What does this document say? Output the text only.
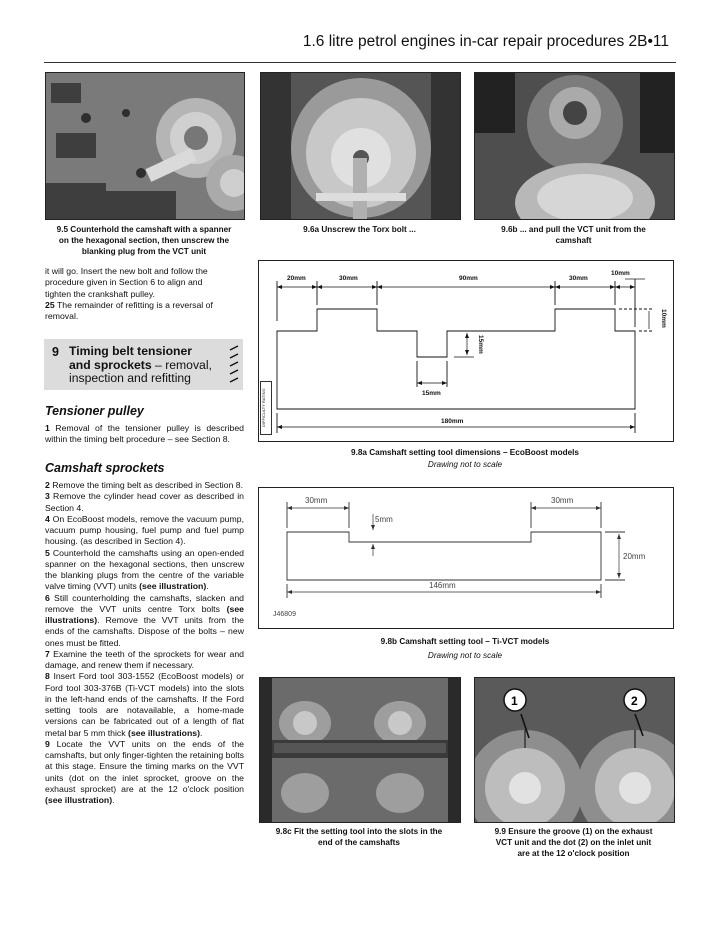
1.6 litre petrol engines in-car repair procedures 2B•11
9.5 Counterhold the camshaft with a spanner
on the hexagonal section, then unscrew the
blanking plug from the VCT unit
9.6a Unscrew the Torx bolt ...	9.6b ... and pull the VCT unit from the
camshaft

it will go. Insert the new bolt and follow the

procedure given in Section 6 to align and

tighten the crankshaft pulley.

25 The remainder of refitting is a reversal of removal.

9 Timing belt tensioner
and sprockets – removal,
inspection and refitting
Tensioner pulley

1 Removal of the tensioner pulley is described within the timing belt procedure – see Section 8.

Camshaft sprockets

2 Remove the timing belt as described in Section 8.

3 Remove the cylinder head cover as described in Section 4.

4 On EcoBoost models, remove the vacuum pump, vacuum pump housing, fuel pump and fuel pump housing. (as described in Section 4).

5 Counterhold the camshafts using an open-ended spanner on the hexagonal sections, then unscrew the blanking plugs from the centre of the variable valve timing (VVT) units (see illustration).

6 Still counterholding the camshafts, slacken and remove the VVT units centre Torx bolts (see illustrations). Remove the VVT units from the ends of the camshafts. Dispose of the bolts – new ones must be fitted.

7 Examine the teeth of the sprockets for wear and damage, and renew them if necessary.

8 Insert Ford tool 303-1552 (EcoBoost models) or Ford tool 303-376B (Ti-VCT models) into the slots in the left-hand ends of the camshafts. If the Ford setting tools are notavailable, a home-made versions can be fabricated out of a length of flat metal bar 5 mm thick (see illustrations).

9 Locate the VVT units on the ends of the camshafts, but only finger-tighten the retaining bolts at this stage. Ensure the timing marks on the VVT units (dot on the inlet sprocket, groove on the exhaust sprocket) are at the 12 o'clock position (see illustration).

DIFFICULTY RATING
20mm	30mm	90mm	30mm
10mm
10mm
15mm
15mm
180mm
9.8a Camshaft setting tool dimensions – EcoBoost models
Drawing not to scale
30mm	30mm
5mm
20mm
146mm
J46809
9.8b Camshaft setting tool – Ti-VCT models
Drawing not to scale
9.8c Fit the setting tool into the slots in the
end of the camshafts
1	2
9.9 Ensure the groove (1) on the exhaust
VCT unit and the dot (2) on the inlet unit
are at the 12 o'clock position
